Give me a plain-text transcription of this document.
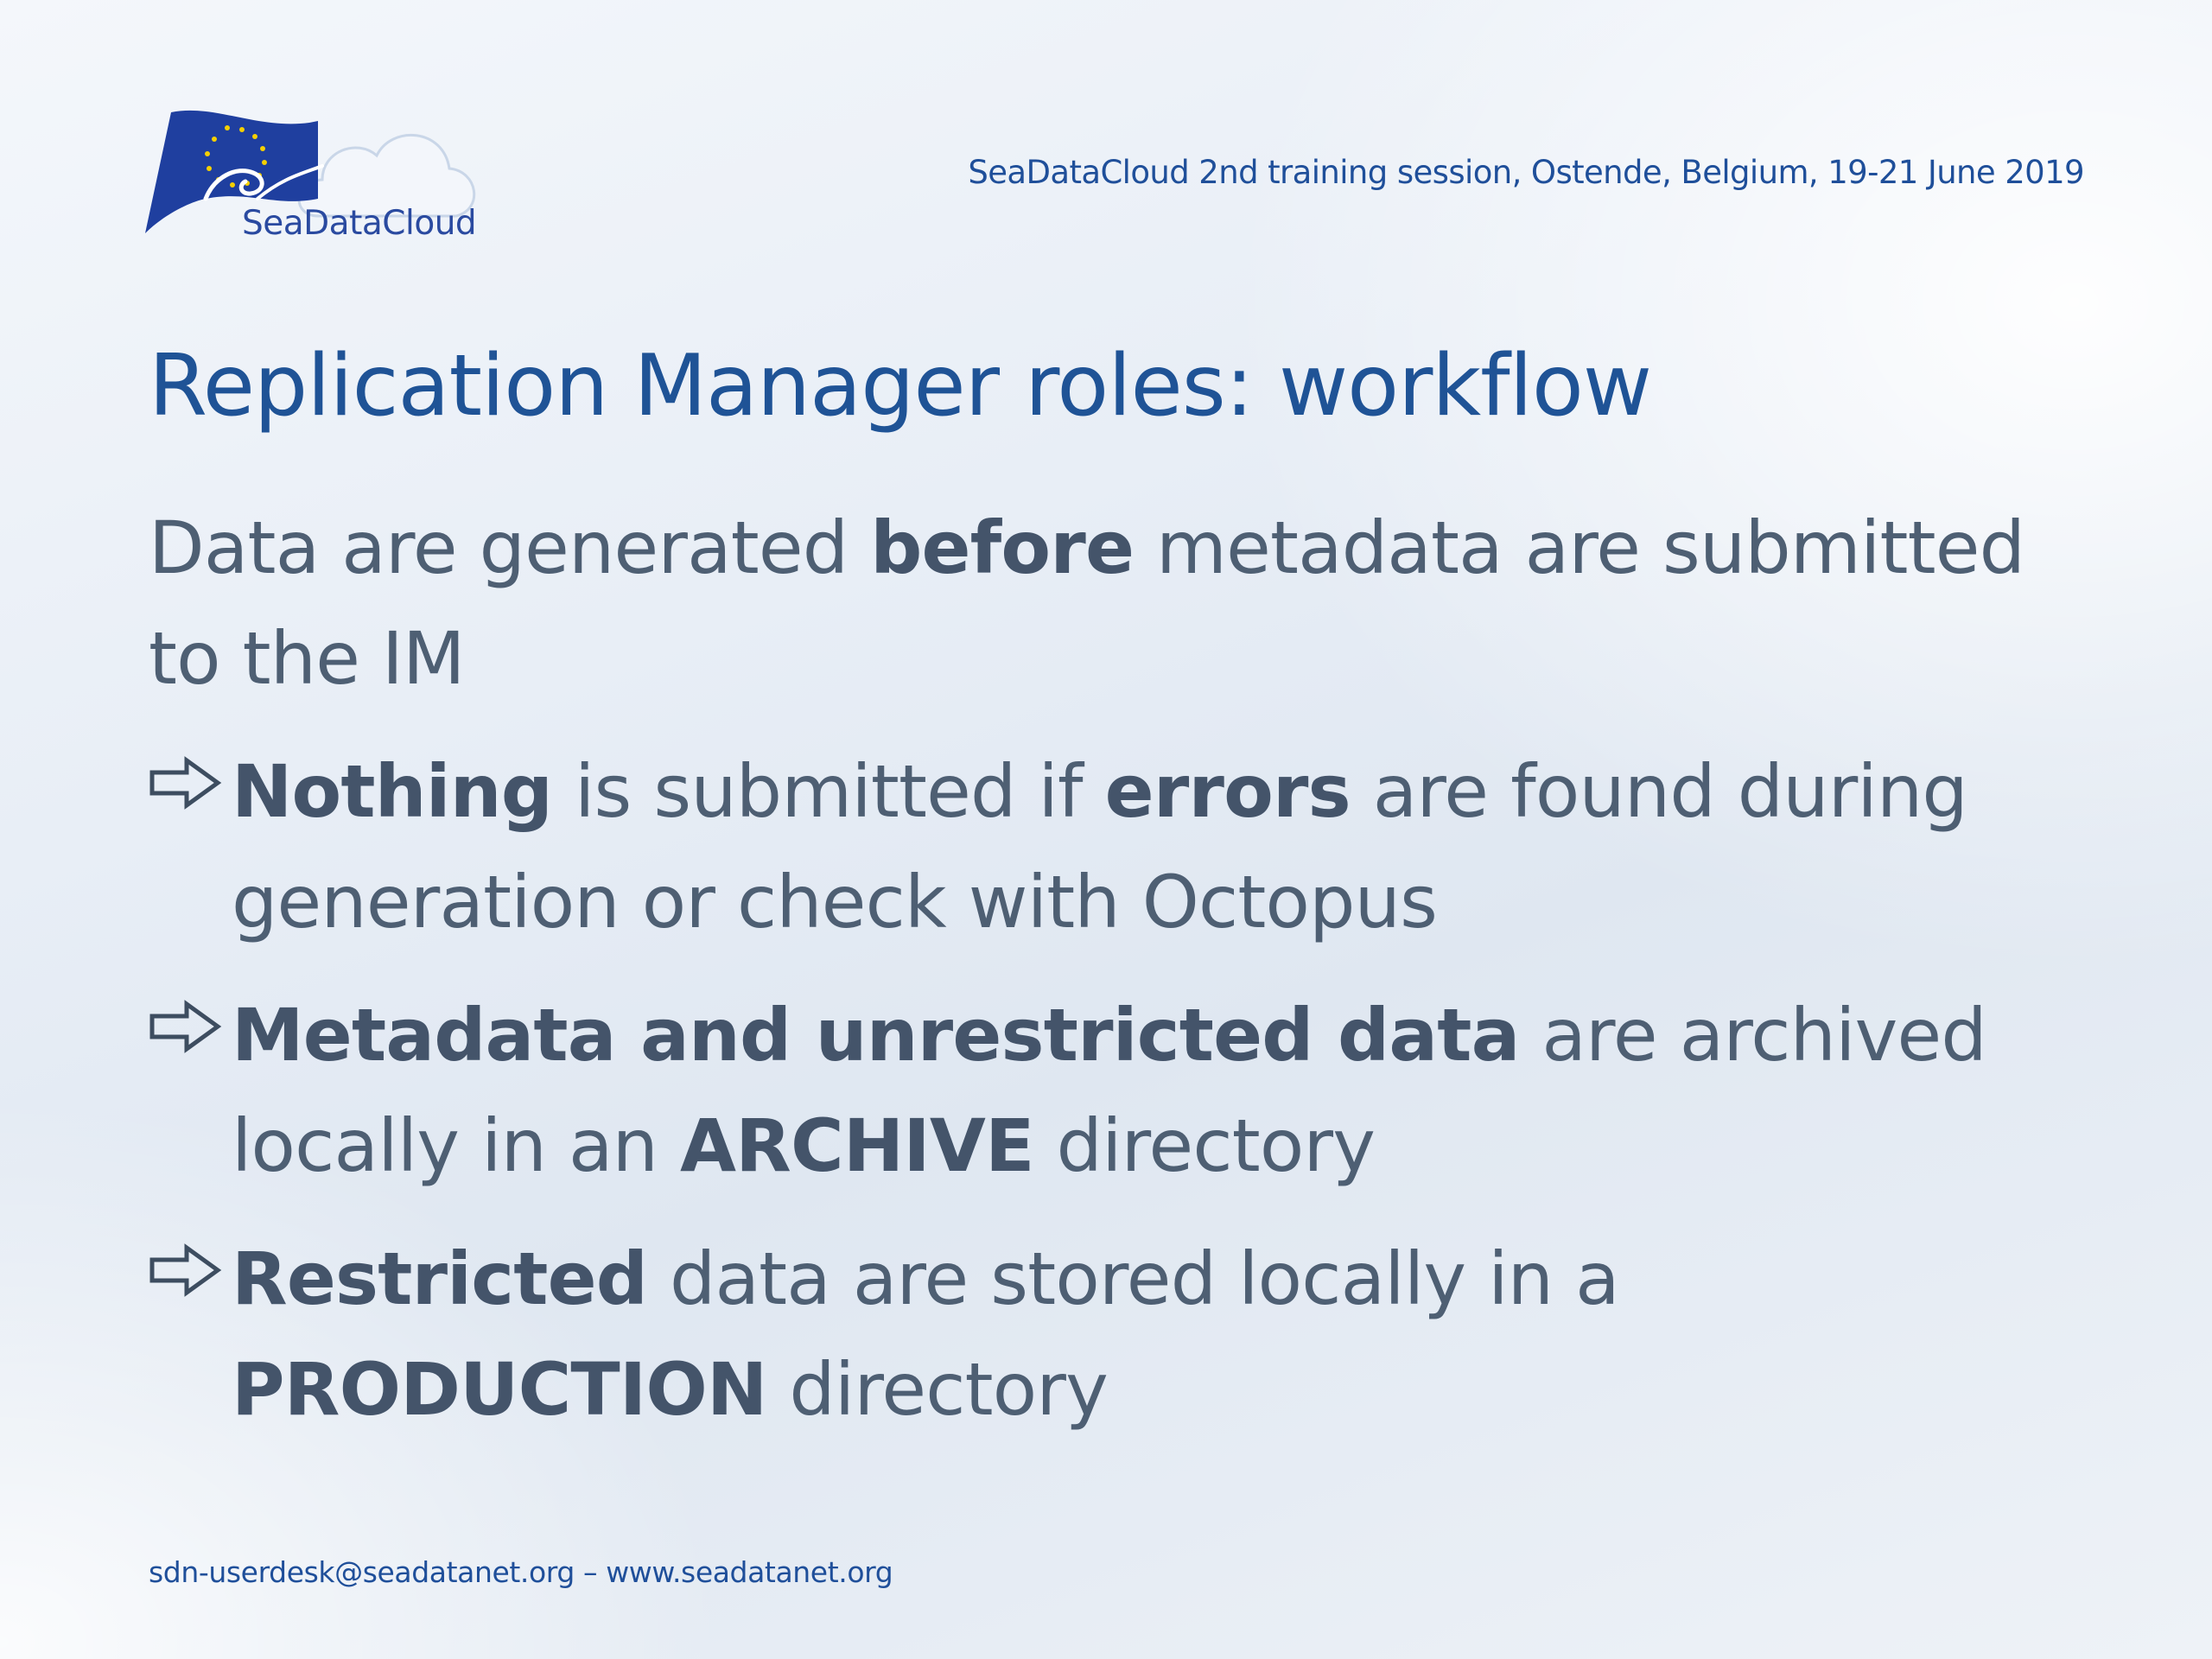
SeaDataCloud
SeaDataCloud 2nd training session, Ostende, Belgium, 19-21 June 2019
Replication Manager roles: workflow

Data are generated before metadata are submitted to the IM

Nothing is submitted if errors are found during generation or check with Octopus
Metadata and unrestricted data are archived locally in an ARCHIVE directory
Restricted data are stored locally in a PRODUCTION directory
sdn-userdesk@seadatanet.org – www.seadatanet.org
